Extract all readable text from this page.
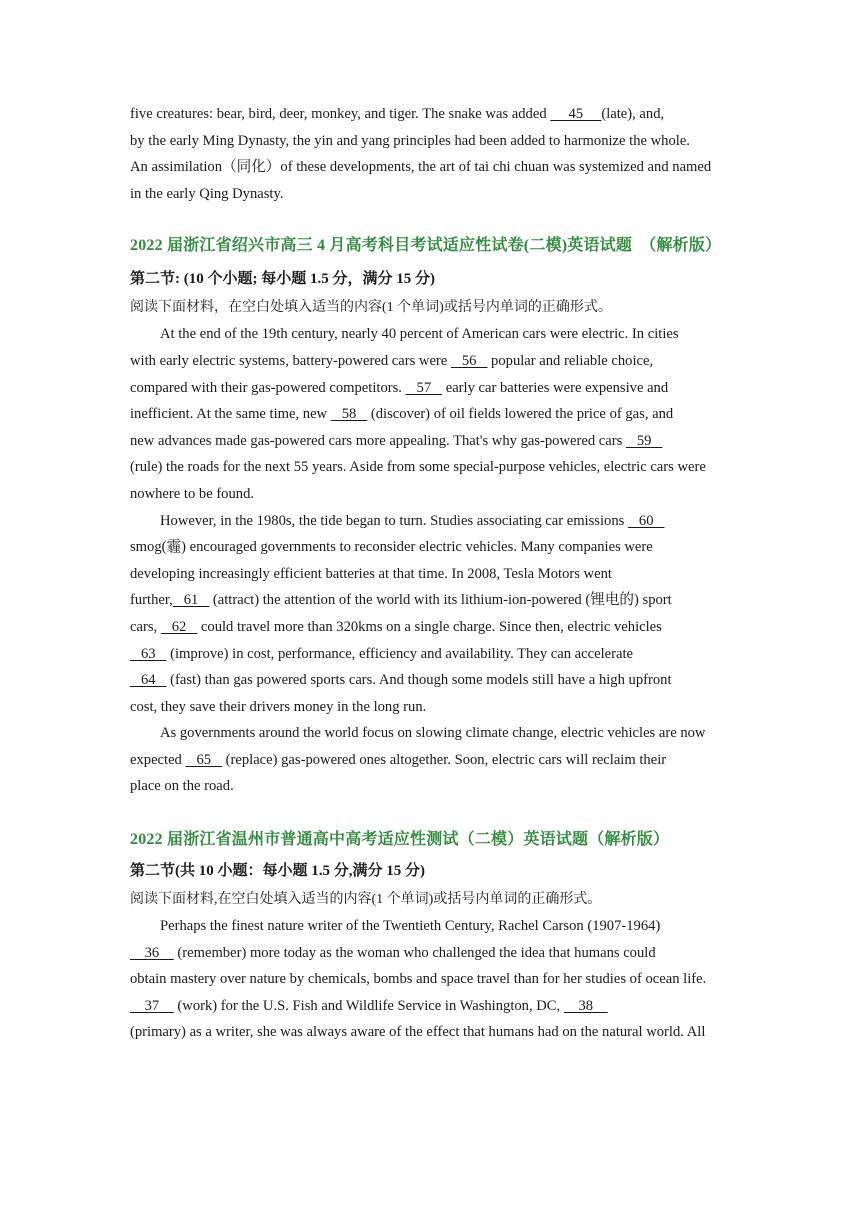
five creatures: bear, bird, deer, monkey, and tiger. The snake was added      45     (late), and,

by the early Ming Dynasty, the yin and yang principles had been added to harmonize the whole.

An assimilation（同化）of these developments, the art of tai chi chuan was systemized and named

in the early Qing Dynasty.

2022 届浙江省绍兴市高三 4 月高考科目考试适应性试卷(二模)英语试题　（解析版）
第二节: (10 个小题; 每小题 1.5 分，满分 15 分)
阅读下面材料，在空白处填入适当的内容(1 个单词)或括号内单词的正确形式。

At the end of the 19th century, nearly 40 percent of American cars were electric. In cities

with early electric systems, battery-powered cars were    56    popular and reliable choice,

compared with their gas-powered competitors.    57    early car batteries were expensive and

inefficient. At the same time, new    58    (discover) of oil fields lowered the price of gas, and

new advances made gas-powered cars more appealing. That's why gas-powered cars    59

(rule) the roads for the next 55 years. Aside from some special-purpose vehicles, electric cars were

nowhere to be found.

However, in the 1980s, the tide began to turn. Studies associating car emissions    60

smog(霾) encouraged governments to reconsider electric vehicles. Many companies were

developing increasingly efficient batteries at that time. In 2008, Tesla Motors went

further,   61    (attract) the attention of the world with its lithium-ion-powered (锂电的) sport

cars,    62    could travel more than 320kms on a single charge. Since then, electric vehicles

63    (improve) in cost, performance, efficiency and availability. They can accelerate

64    (fast) than gas powered sports cars. And though some models still have a high upfront

cost, they save their drivers money in the long run.

As governments around the world focus on slowing climate change, electric vehicles are now

expected    65    (replace) gas-powered ones altogether. Soon, electric cars will reclaim their

place on the road.

2022 届浙江省温州市普通高中高考适应性测试（二模）英语试题（解析版）
第二节(共 10 小题：每小题 1.5 分,满分 15 分)
阅读下面材料,在空白处填入适当的内容(1 个单词)或括号内单词的正确形式。

Perhaps the finest nature writer of the Twentieth Century, Rachel Carson (1907-1964)

36     (remember) more today as the woman who challenged the idea that humans could

obtain mastery over nature by chemicals, bombs and space travel than for her studies of ocean life.

37     (work) for the U.S. Fish and Wildlife Service in Washington, DC,     38

(primary) as a writer, she was always aware of the effect that humans had on the natural world. All
